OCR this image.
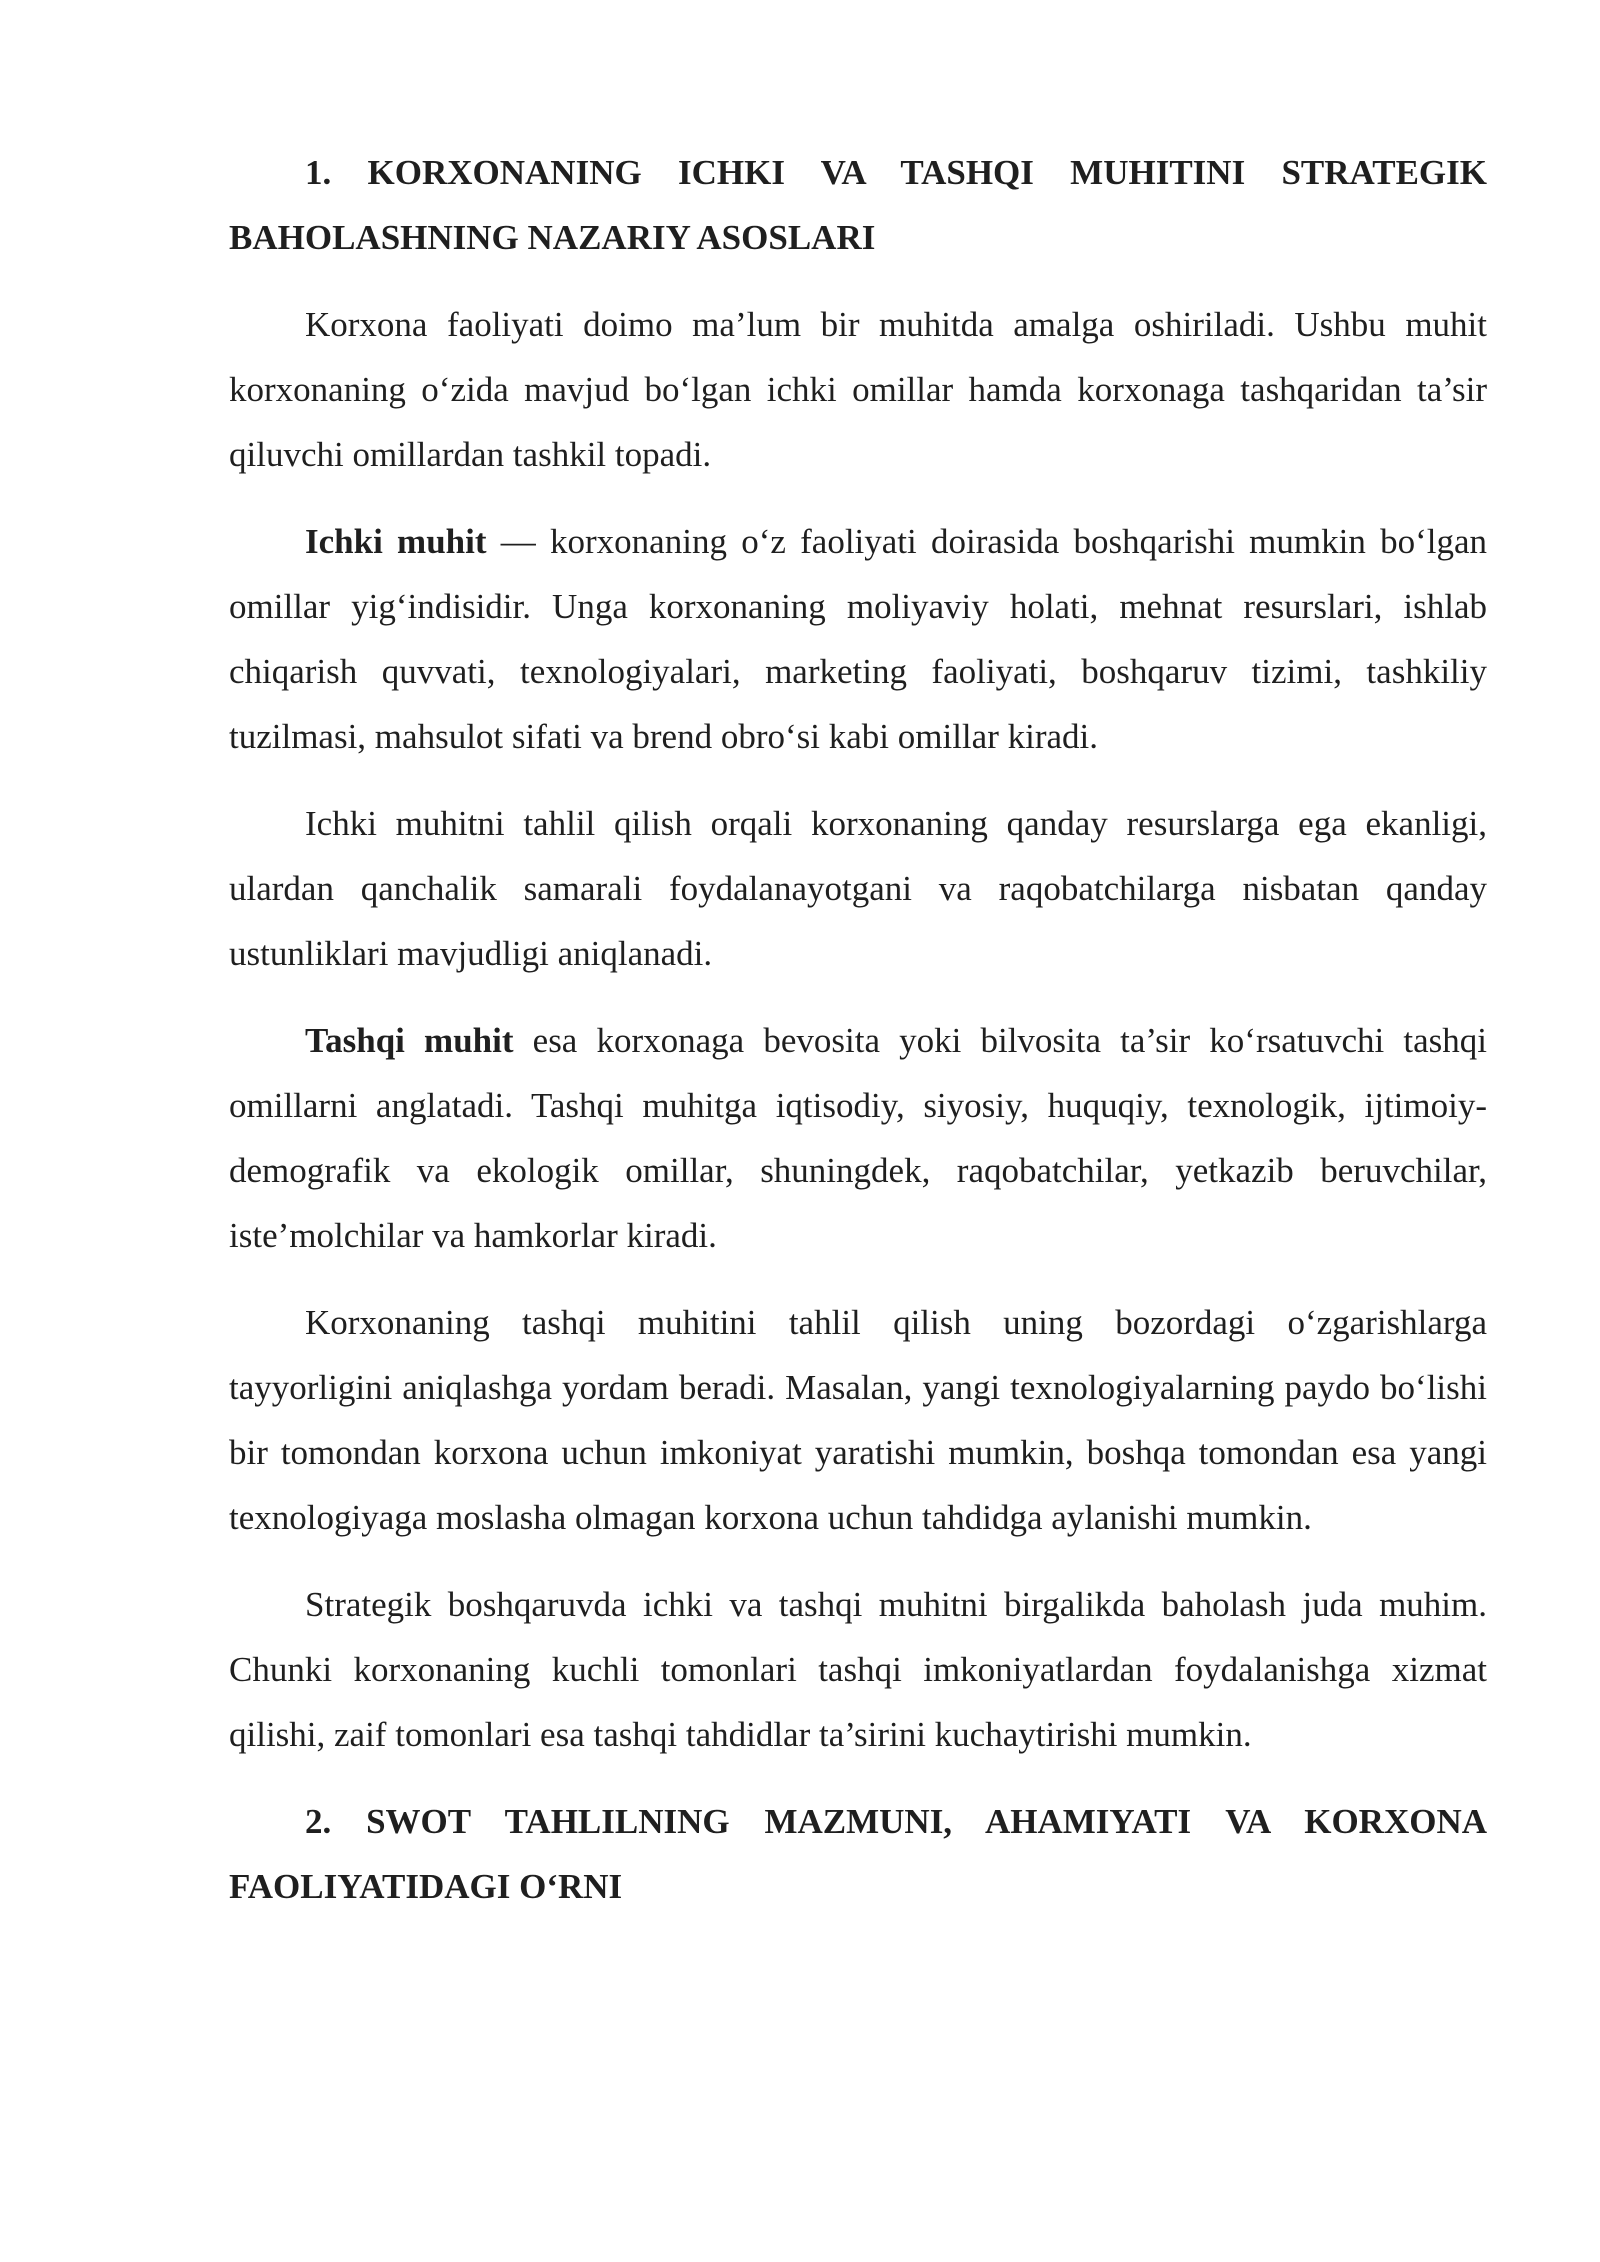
1. KORXONANING ICHKI VA TASHQI MUHITINI STRATEGIK BAHOLASHNING NAZARIY ASOSLARI

Korxona faoliyati doimo ma’lum bir muhitda amalga oshiriladi. Ushbu muhit korxonaning o‘zida mavjud bo‘lgan ichki omillar hamda korxonaga tashqaridan ta’sir qiluvchi omillardan tashkil topadi.

Ichki muhit — korxonaning o‘z faoliyati doirasida boshqarishi mumkin bo‘lgan omillar yig‘indisidir. Unga korxonaning moliyaviy holati, mehnat resurslari, ishlab chiqarish quvvati, texnologiyalari, marketing faoliyati, boshqaruv tizimi, tashkiliy tuzilmasi, mahsulot sifati va brend obro‘si kabi omillar kiradi.

Ichki muhitni tahlil qilish orqali korxonaning qanday resurslarga ega ekanligi, ulardan qanchalik samarali foydalanayotgani va raqobatchilarga nisbatan qanday ustunliklari mavjudligi aniqlanadi.

Tashqi muhit esa korxonaga bevosita yoki bilvosita ta’sir ko‘rsatuvchi tashqi omillarni anglatadi. Tashqi muhitga iqtisodiy, siyosiy, huquqiy, texnologik, ijtimoiy-demografik va ekologik omillar, shuningdek, raqobatchilar, yetkazib beruvchilar, iste’molchilar va hamkorlar kiradi.

Korxonaning tashqi muhitini tahlil qilish uning bozordagi o‘zgarishlarga tayyorligini aniqlashga yordam beradi. Masalan, yangi texnologiyalarning paydo bo‘lishi bir tomondan korxona uchun imkoniyat yaratishi mumkin, boshqa tomondan esa yangi texnologiyaga moslasha olmagan korxona uchun tahdidga aylanishi mumkin.

Strategik boshqaruvda ichki va tashqi muhitni birgalikda baholash juda muhim. Chunki korxonaning kuchli tomonlari tashqi imkoniyatlardan foydalanishga xizmat qilishi, zaif tomonlari esa tashqi tahdidlar ta’sirini kuchaytirishi mumkin.

2. SWOT TAHLILNING MAZMUNI, AHAMIYATI VA KORXONA FAOLIYATIDAGI O‘RNI
